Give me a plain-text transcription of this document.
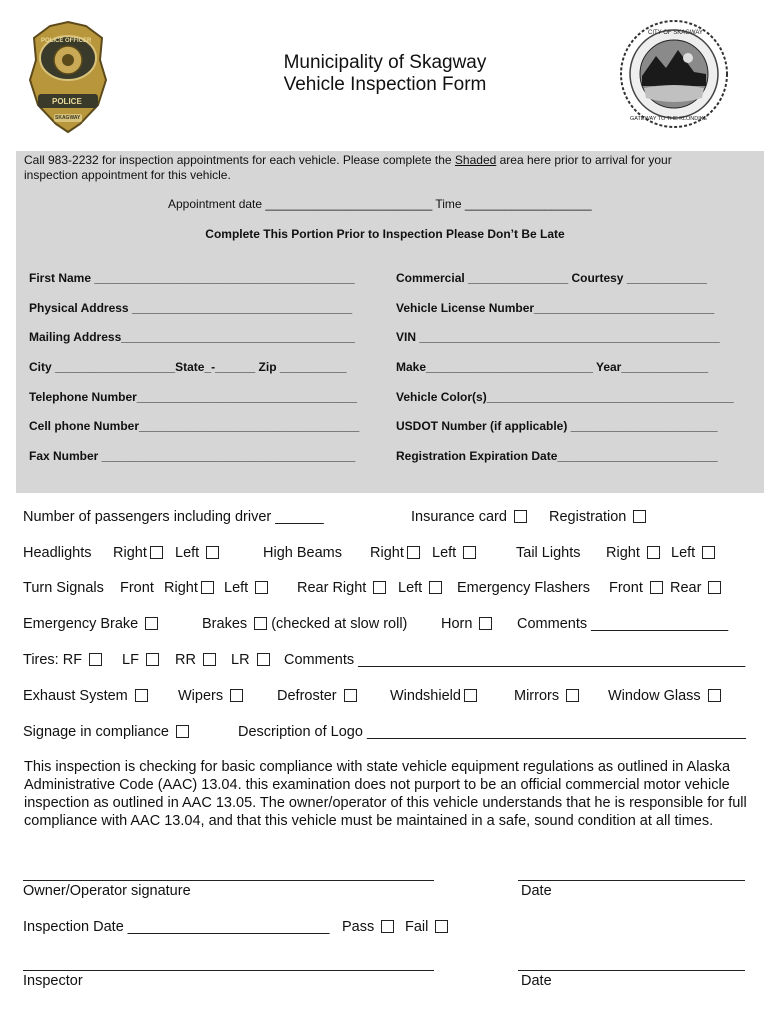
POLICE OFFICER
POLICE
SKAGWAY
Municipality of Skagway
Vehicle Inspection Form
CITY OF SKAGWAY
GATEWAY TO THE KLONDIKE
Call 983-2232 for inspection appointments for each vehicle. Please complete the Shaded area here prior to arrival for your inspection appointment for this vehicle.
Appointment date _________________________ Time ___________________
Complete This Portion Prior to Inspection Please Don’t Be Late
First Name _______________________________________
Physical Address _________________________________
Mailing Address___________________________________
City __________________State_-______ Zip __________
Telephone Number_________________________________
Cell phone Number_________________________________
Fax Number ______________________________________
Commercial _______________ Courtesy ____________
Vehicle License Number___________________________
VIN _____________________________________________
Make_________________________ Year_____________
Vehicle Color(s)_____________________________________
USDOT Number (if applicable) ______________________
Registration Expiration Date________________________
Number of passengers including driver ______	Insurance card	Registration
Headlights Right	Left	High Beams Right	Left	Tail Lights Right	Left
Turn Signals Front Right	Left	Rear Right	Left	Emergency Flashers Front	Rear
Emergency Brake	Brakes (checked at slow roll) Horn	Comments _________________
Tires: RF	LF	RR	LR	Comments ________________________________________________
Exhaust System	Wipers	Defroster	Windshield	Mirrors	Window Glass
Signage in compliance	Description of Logo _______________________________________________
This inspection is checking for basic compliance with state vehicle equipment regulations as outlined in Alaska Administrative Code (AAC) 13.04. this examination does not purport to be an official commercial motor vehicle inspection as outlined in AAC 13.05. The owner/operator of this vehicle understands that he is responsible for full compliance with AAC 13.04, and that this vehicle must be maintained in a safe, sound condition at all times.
Owner/Operator signature	Date
Inspection Date _________________________ Pass	Fail
Inspector	Date
